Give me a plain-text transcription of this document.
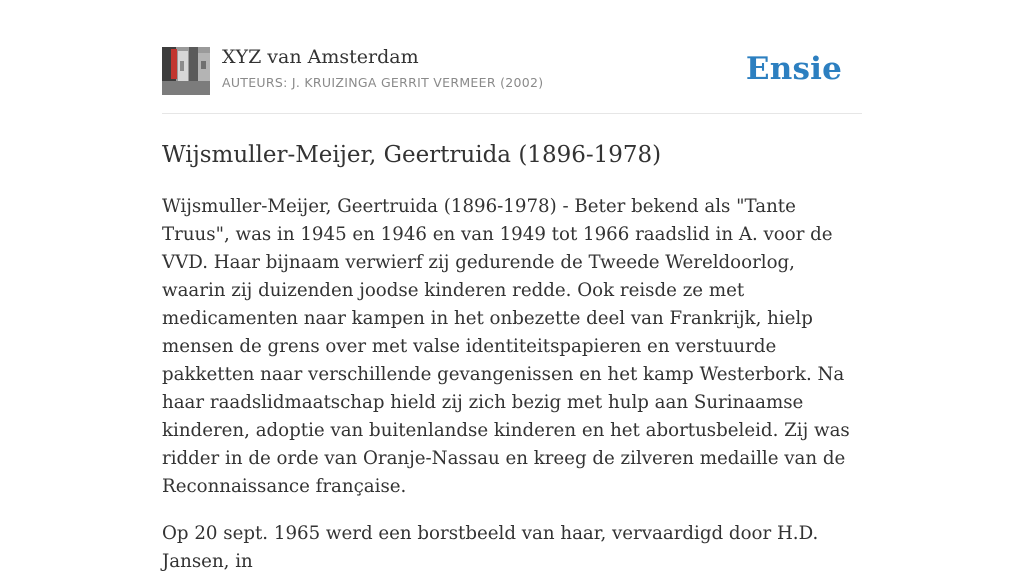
XYZ van Amsterdam
AUTEURS: J. KRUIZINGA GERRIT VERMEER (2002)	Ensie
Wijsmuller-Meijer, Geertruida (1896-1978)

Wijsmuller-Meijer, Geertruida (1896-1978) - Beter bekend als "Tante Truus", was in 1945 en 1946 en van 1949 tot 1966 raadslid in A. voor de VVD. Haar bijnaam verwierf zij gedurende de Tweede Wereldoorlog, waarin zij duizenden joodse kinderen redde. Ook reisde ze met medicamenten naar kampen in het onbezette deel van Frankrijk, hielp mensen de grens over met valse identiteitspapieren en verstuurde pakketten naar verschillende gevangenissen en het kamp Westerbork. Na haar raadslidmaatschap hield zij zich bezig met hulp aan Surinaamse kinderen, adoptie van buitenlandse kinderen en het abortusbeleid. Zij was ridder in de orde van Oranje-Nassau en kreeg de zilveren medaille van de Reconnaissance française.

Op 20 sept. 1965 werd een borstbeeld van haar, vervaardigd door H.D. Jansen, in
